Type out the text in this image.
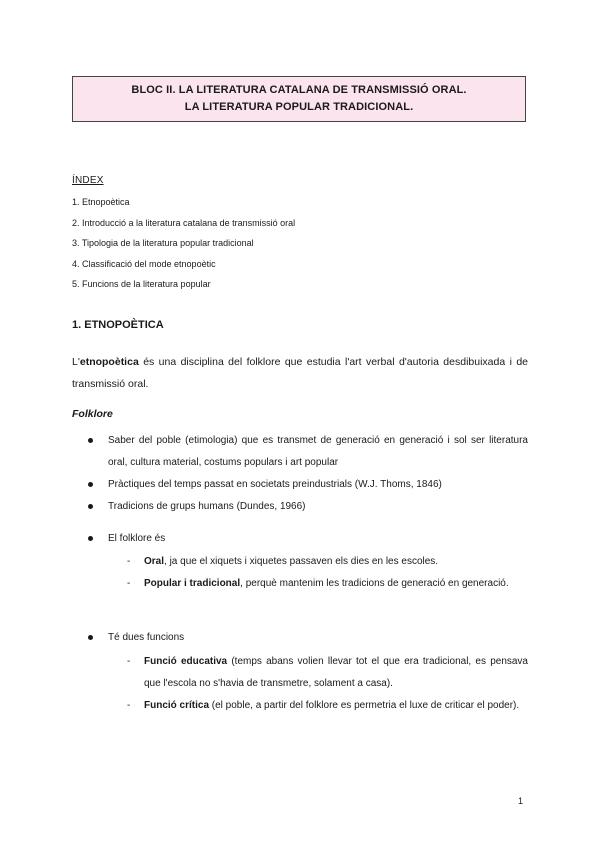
BLOC II. LA LITERATURA CATALANA DE TRANSMISSIÓ ORAL.
LA LITERATURA POPULAR TRADICIONAL.
ÍNDEX
1. Etnopoètica
2. Introducció a la literatura catalana de transmissió oral
3. Tipologia de la literatura popular tradicional
4. Classificació del mode etnopoètic
5. Funcions de la literatura popular
1. ETNOPOÈTICA
L'etnopoètica és una disciplina del folklore que estudia l'art verbal d'autoria desdibuixada i de transmissió oral.
Folklore
Saber del poble (etimologia) que es transmet de generació en generació i sol ser literatura oral, cultura material, costums populars i art popular
Pràctiques del temps passat en societats preindustrials (W.J. Thoms, 1846)
Tradicions de grups humans (Dundes, 1966)
El folklore és
- Oral, ja que el xiquets i xiquetes passaven els dies en les escoles.
- Popular i tradicional, perquè mantenim les tradicions de generació en generació.
Té dues funcions
- Funció educativa (temps abans volien llevar tot el que era tradicional, es pensava que l'escola no s'havia de transmetre, solament a casa).
- Funció crítica (el poble, a partir del folklore es permetria el luxe de criticar el poder).
1
